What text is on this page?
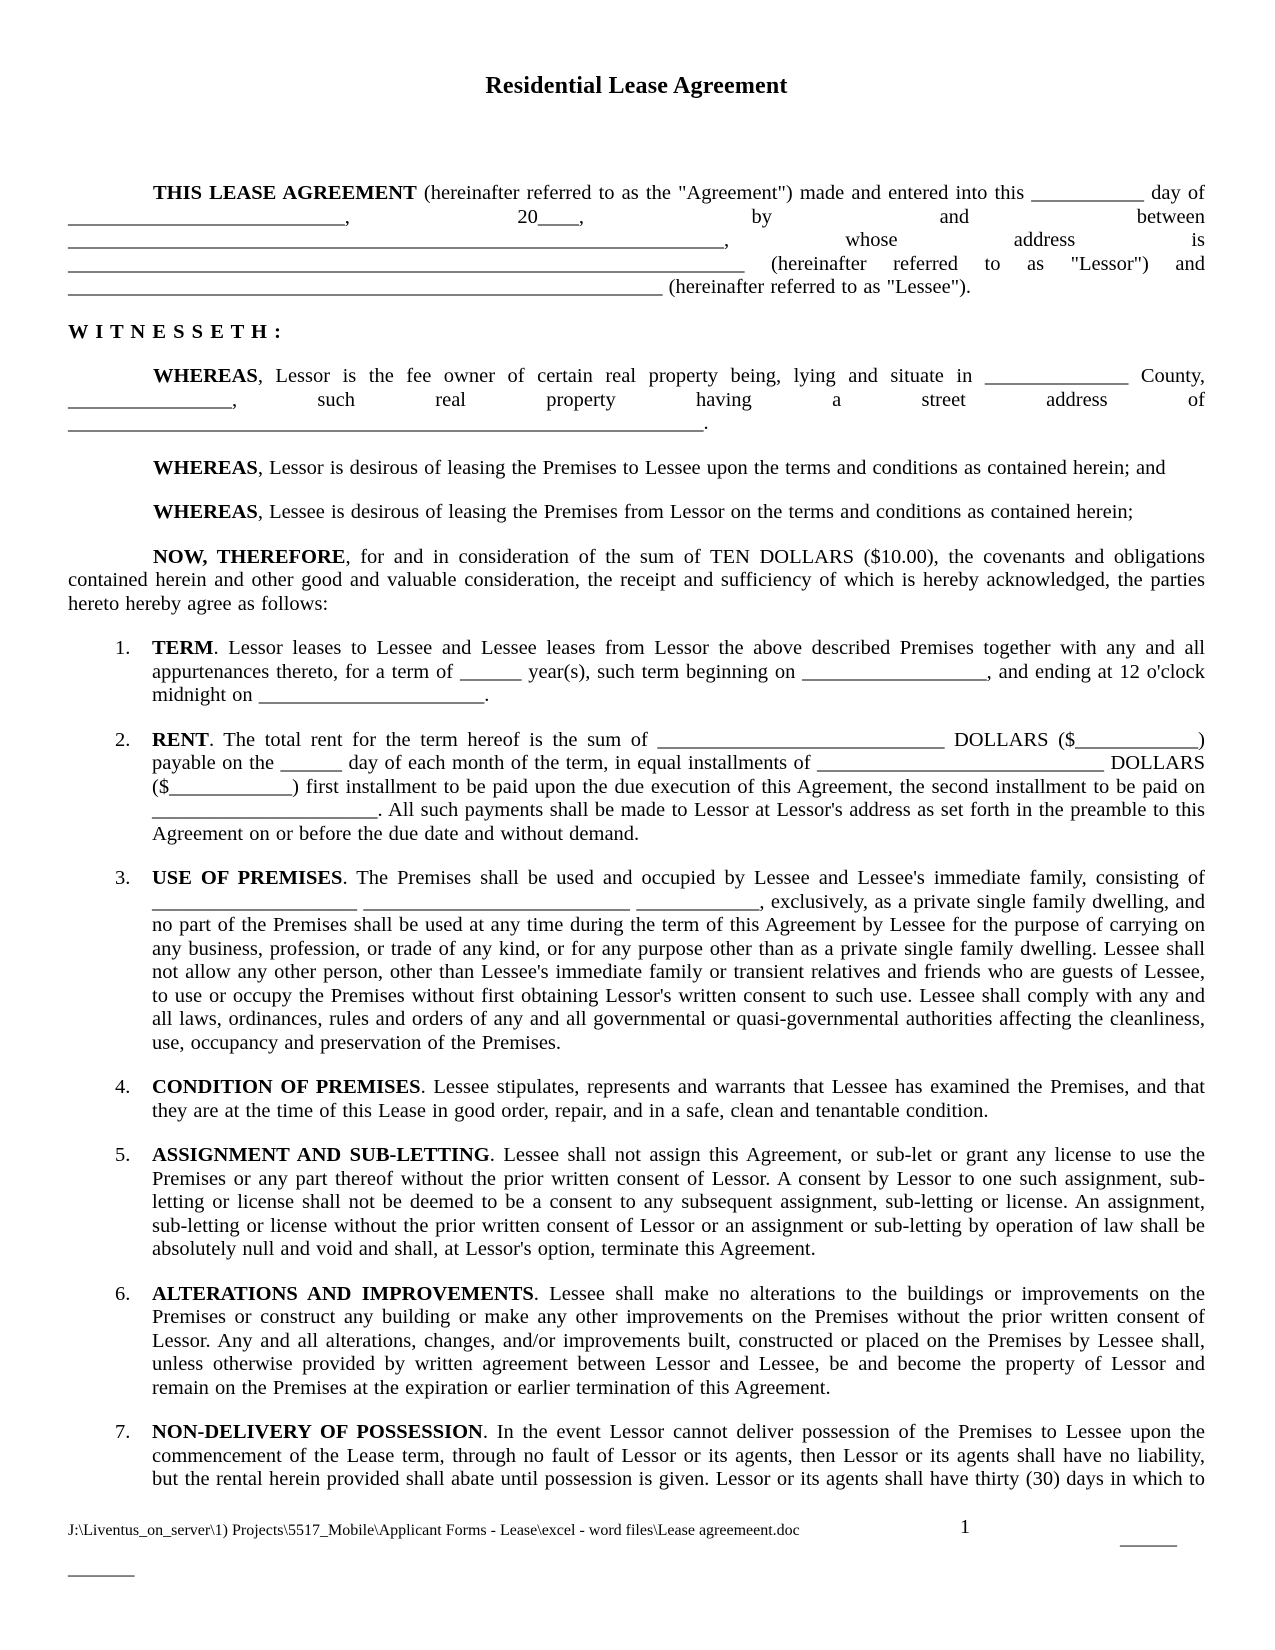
Residential Lease Agreement

THIS LEASE AGREEMENT (hereinafter referred to as the "Agreement") made and entered into this ___________ day of ___________________________, 20____, by and between ________________________________________________________________, whose address is __________________________________________________________________ (hereinafter referred to as "Lessor") and __________________________________________________________ (hereinafter referred to as "Lessee").

W I T N E S S E T H :

WHEREAS, Lessor is the fee owner of certain real property being, lying and situate in ______________ County, ________________, such real property having a street address of ______________________________________________________________.

WHEREAS, Lessor is desirous of leasing the Premises to Lessee upon the terms and conditions as contained herein; and

WHEREAS, Lessee is desirous of leasing the Premises from Lessor on the terms and conditions as contained herein;

NOW, THEREFORE, for and in consideration of the sum of TEN DOLLARS ($10.00), the covenants and obligations contained herein and other good and valuable consideration, the receipt and sufficiency of which is hereby acknowledged, the parties hereto hereby agree as follows:

1. TERM. Lessor leases to Lessee and Lessee leases from Lessor the above described Premises together with any and all appurtenances thereto, for a term of ______ year(s), such term beginning on __________________, and ending at 12 o'clock midnight on ______________________.
2. RENT. The total rent for the term hereof is the sum of ____________________________ DOLLARS ($____________) payable on the ______ day of each month of the term, in equal installments of ____________________________ DOLLARS ($____________) first installment to be paid upon the due execution of this Agreement, the second installment to be paid on ______________________. All such payments shall be made to Lessor at Lessor's address as set forth in the preamble to this Agreement on or before the due date and without demand.
3. USE OF PREMISES. The Premises shall be used and occupied by Lessee and Lessee's immediate family, consisting of ____________________ __________________________ ____________, exclusively, as a private single family dwelling, and no part of the Premises shall be used at any time during the term of this Agreement by Lessee for the purpose of carrying on any business, profession, or trade of any kind, or for any purpose other than as a private single family dwelling. Lessee shall not allow any other person, other than Lessee's immediate family or transient relatives and friends who are guests of Lessee, to use or occupy the Premises without first obtaining Lessor's written consent to such use. Lessee shall comply with any and all laws, ordinances, rules and orders of any and all governmental or quasi-governmental authorities affecting the cleanliness, use, occupancy and preservation of the Premises.
4. CONDITION OF PREMISES. Lessee stipulates, represents and warrants that Lessee has examined the Premises, and that they are at the time of this Lease in good order, repair, and in a safe, clean and tenantable condition.
5. ASSIGNMENT AND SUB-LETTING. Lessee shall not assign this Agreement, or sub-let or grant any license to use the Premises or any part thereof without the prior written consent of Lessor. A consent by Lessor to one such assignment, sub-letting or license shall not be deemed to be a consent to any subsequent assignment, sub-letting or license. An assignment, sub-letting or license without the prior written consent of Lessor or an assignment or sub-letting by operation of law shall be absolutely null and void and shall, at Lessor's option, terminate this Agreement.
6. ALTERATIONS AND IMPROVEMENTS. Lessee shall make no alterations to the buildings or improvements on the Premises or construct any building or make any other improvements on the Premises without the prior written consent of Lessor. Any and all alterations, changes, and/or improvements built, constructed or placed on the Premises by Lessee shall, unless otherwise provided by written agreement between Lessor and Lessee, be and become the property of Lessor and remain on the Premises at the expiration or earlier termination of this Agreement.
7. NON-DELIVERY OF POSSESSION. In the event Lessor cannot deliver possession of the Premises to Lessee upon the commencement of the Lease term, through no fault of Lessor or its agents, then Lessor or its agents shall have no liability, but the rental herein provided shall abate until possession is given. Lessor or its agents shall have thirty (30) days in which to
J:\Liventus_on_server\1) Projects\5517_Mobile\Applicant Forms - Lease\excel - word files\Lease agreemeent.doc	1
______
_______
